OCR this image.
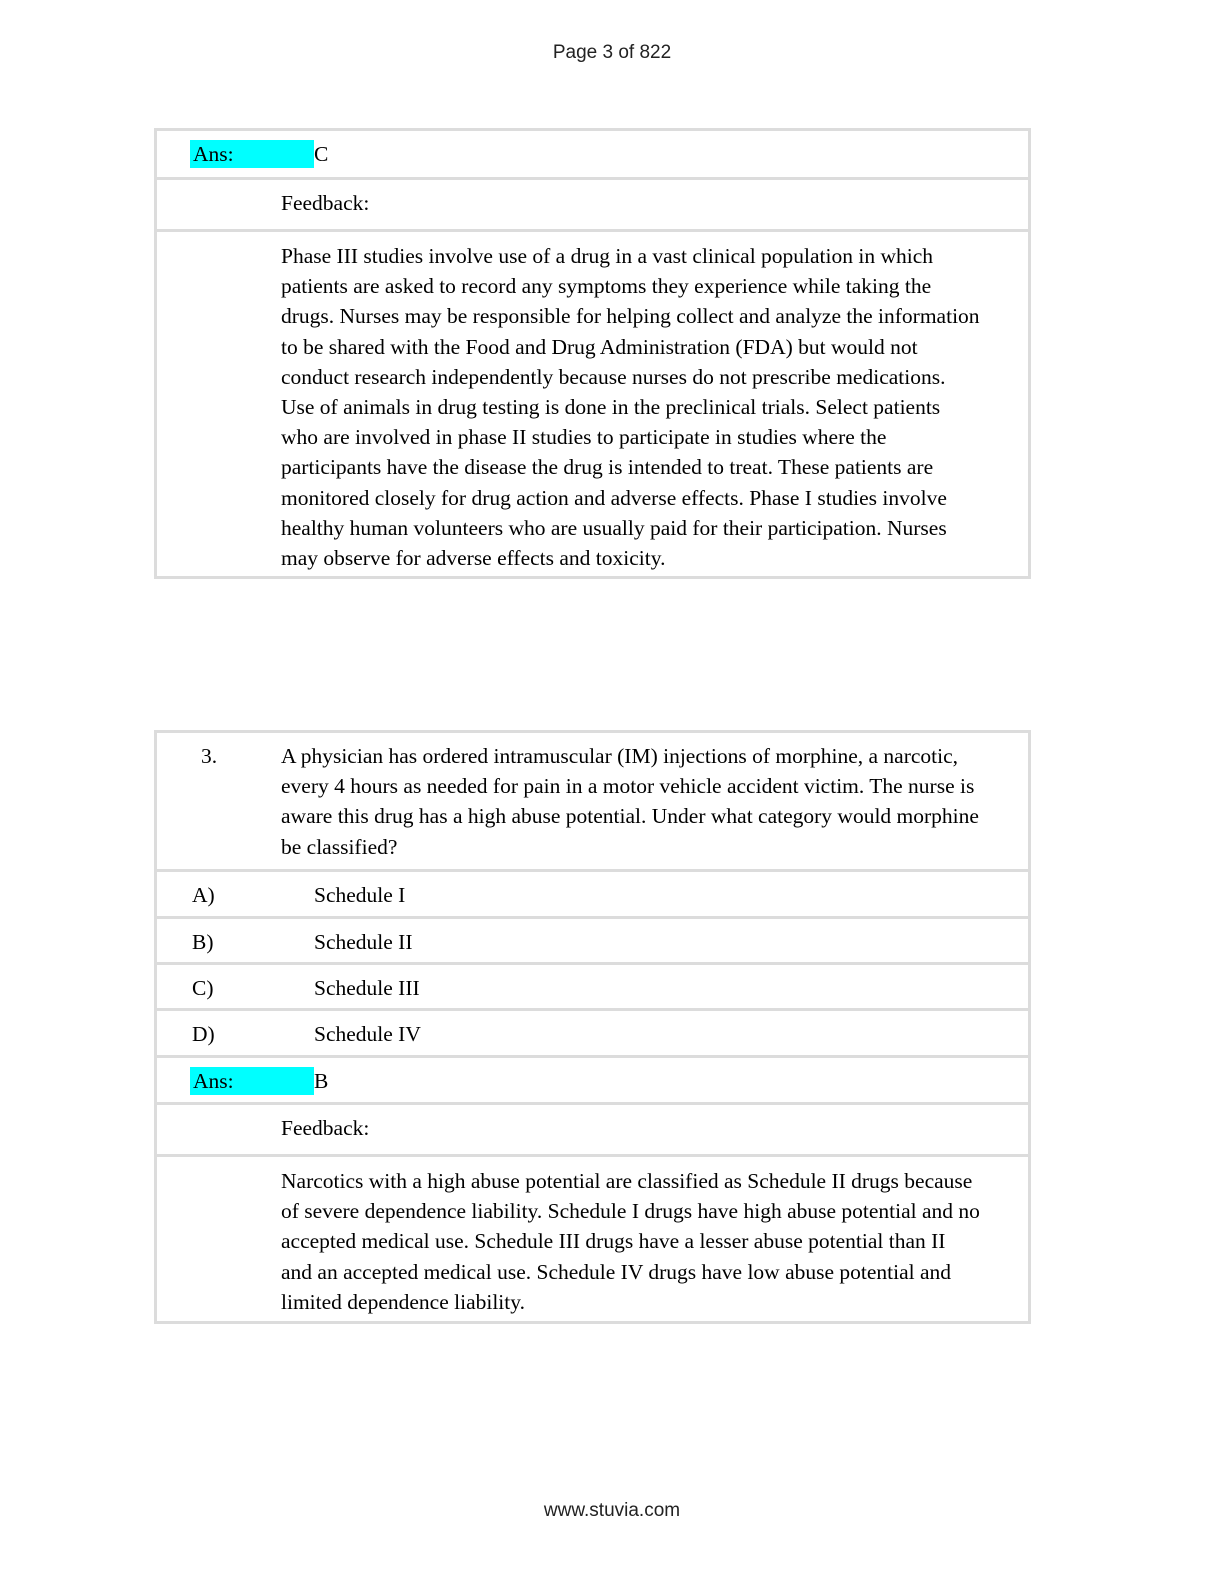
Page 3 of 822
Ans:	C
Feedback:
Phase III studies involve use of a drug in a vast clinical population in which patients are asked to record any symptoms they experience while taking the drugs. Nurses may be responsible for helping collect and analyze the information to be shared with the Food and Drug Administration (FDA) but would not conduct research independently because nurses do not prescribe medications. Use of animals in drug testing is done in the preclinical trials. Select patients who are involved in phase II studies to participate in studies where the participants have the disease the drug is intended to treat. These patients are monitored closely for drug action and adverse effects. Phase I studies involve healthy human volunteers who are usually paid for their participation. Nurses may observe for adverse effects and toxicity.
3.	A physician has ordered intramuscular (IM) injections of morphine, a narcotic, every 4 hours as needed for pain in a motor vehicle accident victim. The nurse is aware this drug has a high abuse potential. Under what category would morphine be classified?
A)	Schedule I
B)	Schedule II
C)	Schedule III
D)	Schedule IV
Ans:	B
Feedback:
Narcotics with a high abuse potential are classified as Schedule II drugs because of severe dependence liability. Schedule I drugs have high abuse potential and no accepted medical use. Schedule III drugs have a lesser abuse potential than II and an accepted medical use. Schedule IV drugs have low abuse potential and limited dependence liability.
www.stuvia.com
